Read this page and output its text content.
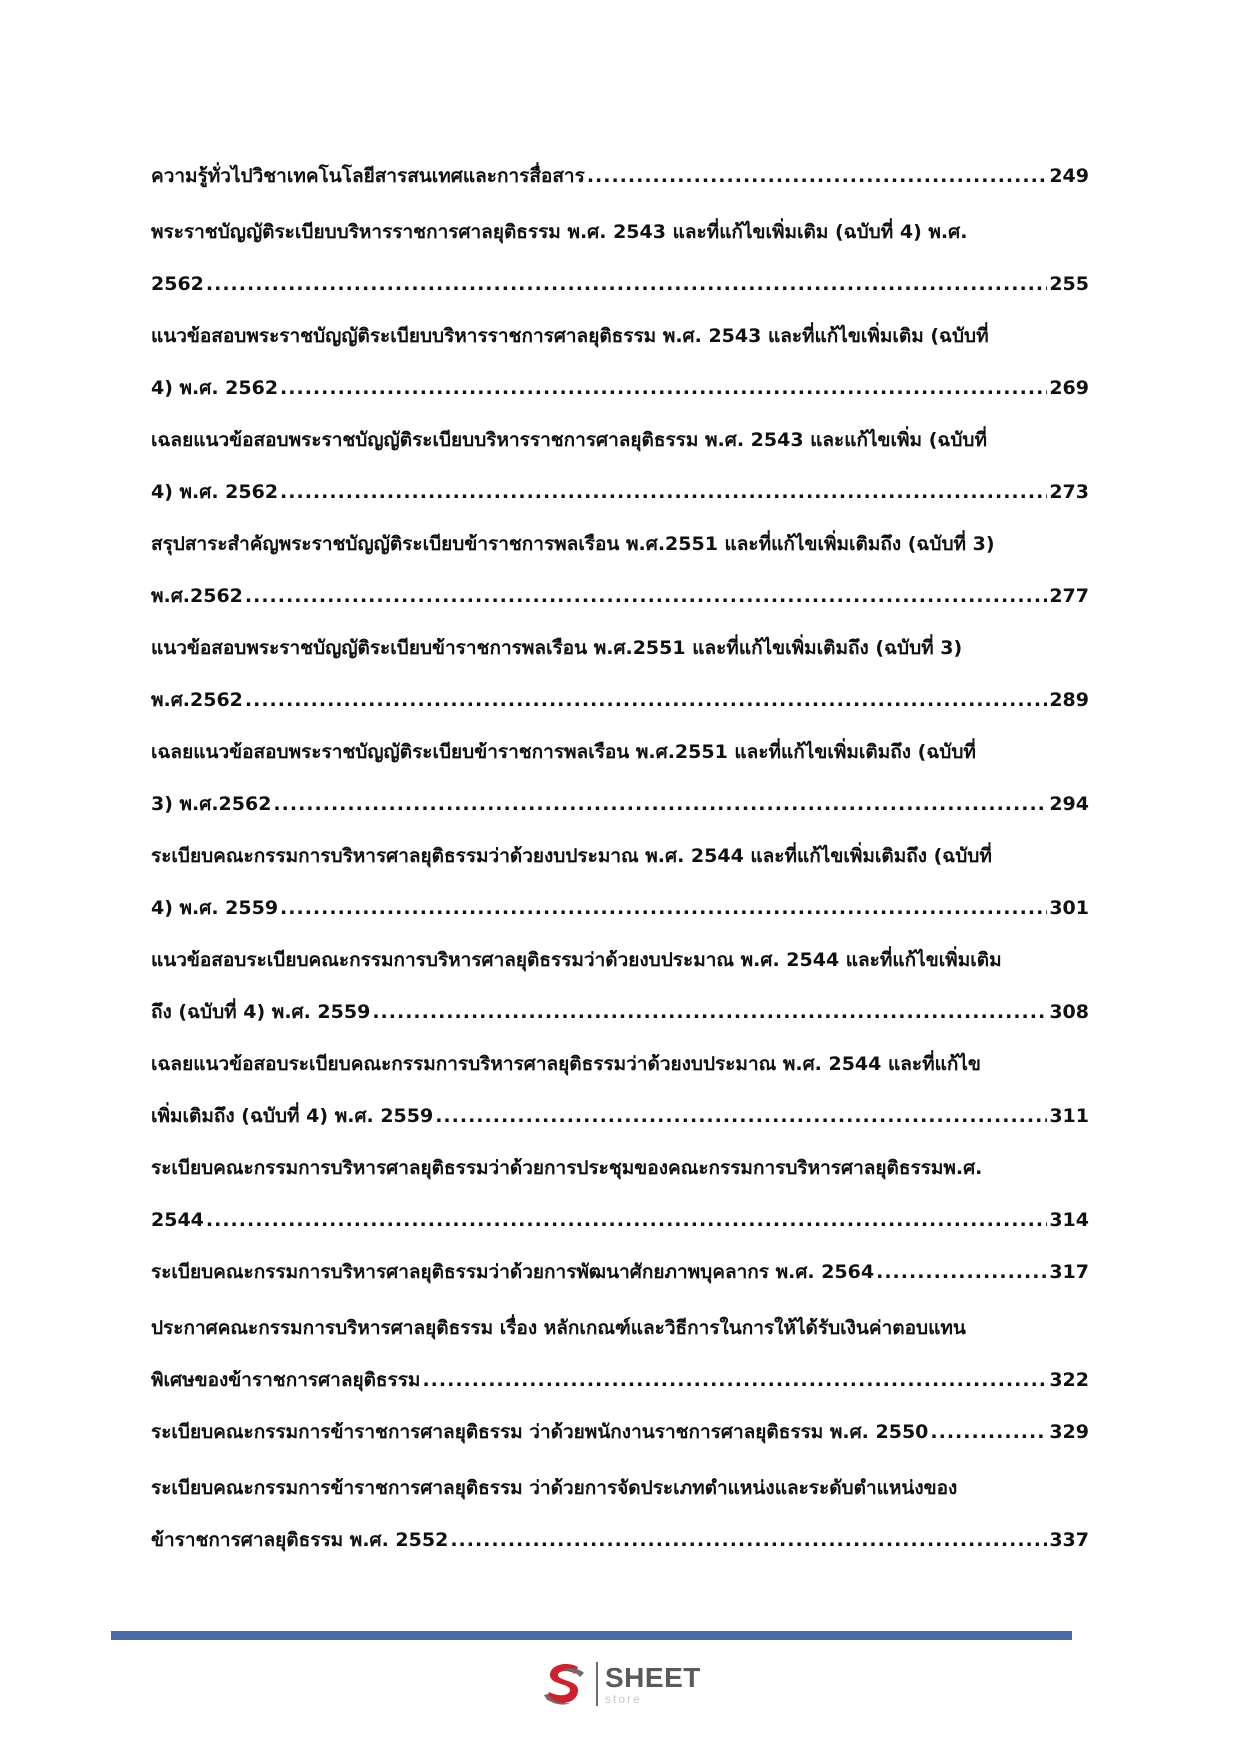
ความรู้ทั่วไปวิชาเทคโนโลยีสารสนเทศและการสื่อสาร .....	249
พระราชบัญญัติระเบียบบริหารราชการศาลยุติธรรม พ.ศ. 2543 และที่แก้ไขเพิ่มเติม (ฉบับที่ 4) พ.ศ.
2562 .....	255
แนวข้อสอบพระราชบัญญัติระเบียบบริหารราชการศาลยุติธรรม พ.ศ. 2543 และที่แก้ไขเพิ่มเติม (ฉบับที่
4) พ.ศ. 2562 .....	269
เฉลยแนวข้อสอบพระราชบัญญัติระเบียบบริหารราชการศาลยุติธรรม พ.ศ. 2543 และแก้ไขเพิ่ม (ฉบับที่
4) พ.ศ. 2562 .....	273
สรุปสาระสำคัญพระราชบัญญัติระเบียบข้าราชการพลเรือน พ.ศ.2551 และที่แก้ไขเพิ่มเติมถึง (ฉบับที่ 3)
พ.ศ.2562 .....	277
แนวข้อสอบพระราชบัญญัติระเบียบข้าราชการพลเรือน พ.ศ.2551 และที่แก้ไขเพิ่มเติมถึง (ฉบับที่ 3)
พ.ศ.2562 .....	289
เฉลยแนวข้อสอบพระราชบัญญัติระเบียบข้าราชการพลเรือน พ.ศ.2551 และที่แก้ไขเพิ่มเติมถึง (ฉบับที่
3) พ.ศ.2562 .....	294
ระเบียบคณะกรรมการบริหารศาลยุติธรรมว่าด้วยงบประมาณ พ.ศ. 2544 และที่แก้ไขเพิ่มเติมถึง (ฉบับที่
4) พ.ศ. 2559 .....	301
แนวข้อสอบระเบียบคณะกรรมการบริหารศาลยุติธรรมว่าด้วยงบประมาณ พ.ศ. 2544 และที่แก้ไขเพิ่มเติม
ถึง (ฉบับที่ 4) พ.ศ. 2559 .....	308
เฉลยแนวข้อสอบระเบียบคณะกรรมการบริหารศาลยุติธรรมว่าด้วยงบประมาณ พ.ศ. 2544 และที่แก้ไข
เพิ่มเติมถึง (ฉบับที่ 4) พ.ศ. 2559 .....	311
ระเบียบคณะกรรมการบริหารศาลยุติธรรมว่าด้วยการประชุมของคณะกรรมการบริหารศาลยุติธรรมพ.ศ.
2544 .....	314
ระเบียบคณะกรรมการบริหารศาลยุติธรรมว่าด้วยการพัฒนาศักยภาพบุคลากร พ.ศ. 2564 .....	317
ประกาศคณะกรรมการบริหารศาลยุติธรรม เรื่อง หลักเกณฑ์และวิธีการในการให้ได้รับเงินค่าตอบแทน
พิเศษของข้าราชการศาลยุติธรรม .....	322
ระเบียบคณะกรรมการข้าราชการศาลยุติธรรม ว่าด้วยพนักงานราชการศาลยุติธรรม พ.ศ. 2550 .....	329
ระเบียบคณะกรรมการข้าราชการศาลยุติธรรม ว่าด้วยการจัดประเภทตำแหน่งและระดับตำแหน่งของ
ข้าราชการศาลยุติธรรม พ.ศ. 2552 .....	337
SHEET
store
